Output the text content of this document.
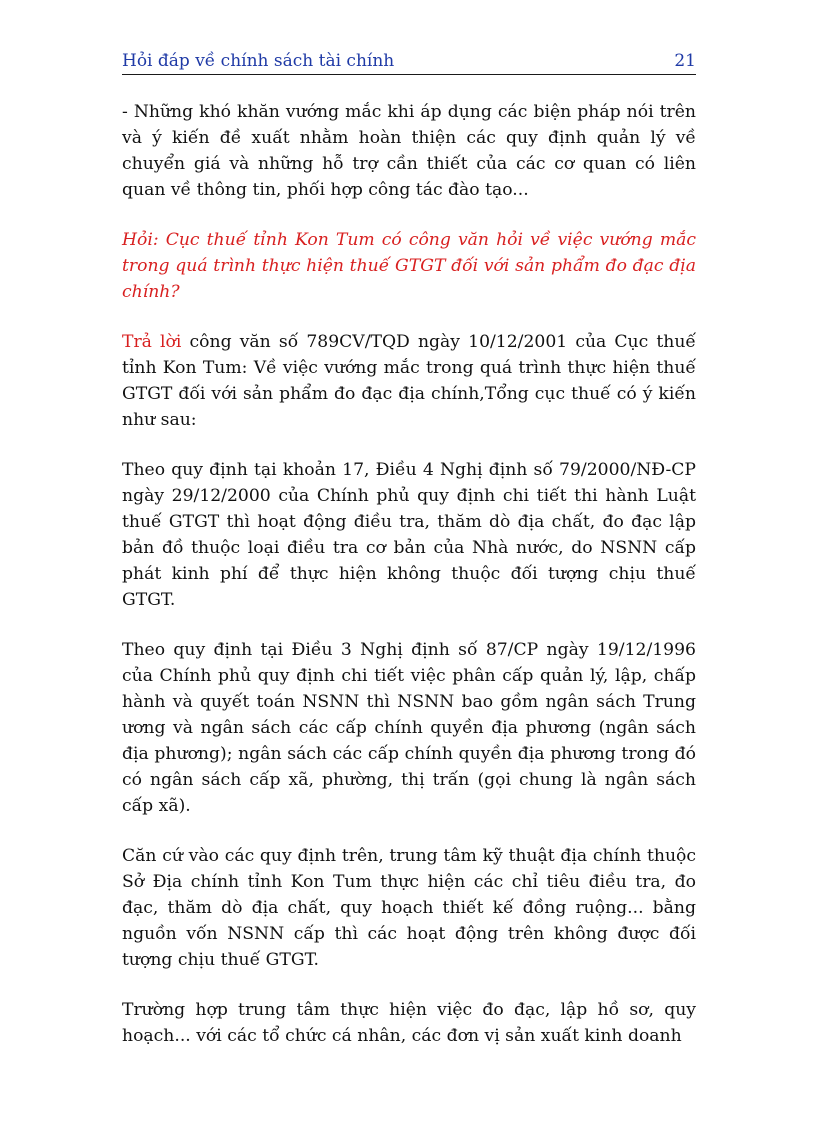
Hỏi đáp về chính sách tài chính	21

- Những khó khăn vướng mắc khi áp dụng các biện pháp nói trên và ý kiến đề xuất nhằm hoàn thiện các quy định quản lý về chuyển giá và những hỗ trợ cần thiết của các cơ quan có liên quan về thông tin, phối hợp công tác đào tạo...

Hỏi: Cục thuế tỉnh Kon Tum có công văn hỏi về việc vướng mắc trong quá trình thực hiện thuế GTGT đối với sản phẩm đo đạc địa chính?

Trả lời công văn số 789CV/TQD ngày 10/12/2001 của Cục thuế tỉnh Kon Tum: Về việc vướng mắc trong quá trình thực hiện thuế GTGT đối với sản phẩm đo đạc địa chính,Tổng cục thuế có ý kiến như sau:

Theo quy định tại khoản 17, Điều 4 Nghị định số 79/2000/NĐ-CP ngày 29/12/2000 của Chính phủ quy định chi tiết thi hành Luật thuế GTGT thì hoạt động điều tra, thăm dò địa chất, đo đạc lập bản đồ thuộc loại điều tra cơ bản của Nhà nước, do NSNN cấp phát kinh phí để thực hiện không thuộc đối tượng chịu thuế GTGT.

Theo quy định tại Điều 3 Nghị định số 87/CP ngày 19/12/1996 của Chính phủ quy định chi tiết việc phân cấp quản lý, lập, chấp hành và quyết toán NSNN thì NSNN bao gồm ngân sách Trung ương và ngân sách các cấp chính quyền địa phương (ngân sách địa phương); ngân sách các cấp chính quyền địa phương trong đó có ngân sách cấp xã, phường, thị trấn (gọi chung là ngân sách cấp xã).

Căn cứ vào các quy định trên, trung tâm kỹ thuật địa chính thuộc Sở Địa chính tỉnh Kon Tum thực hiện các chỉ tiêu điều tra, đo đạc, thăm dò địa chất, quy hoạch thiết kế đồng ruộng... bằng nguồn vốn NSNN cấp thì các hoạt động trên không được đối tượng chịu thuế GTGT.

Trường hợp trung tâm thực hiện việc đo đạc, lập hồ sơ, quy hoạch... với các tổ chức cá nhân, các đơn vị sản xuất kinh doanh
